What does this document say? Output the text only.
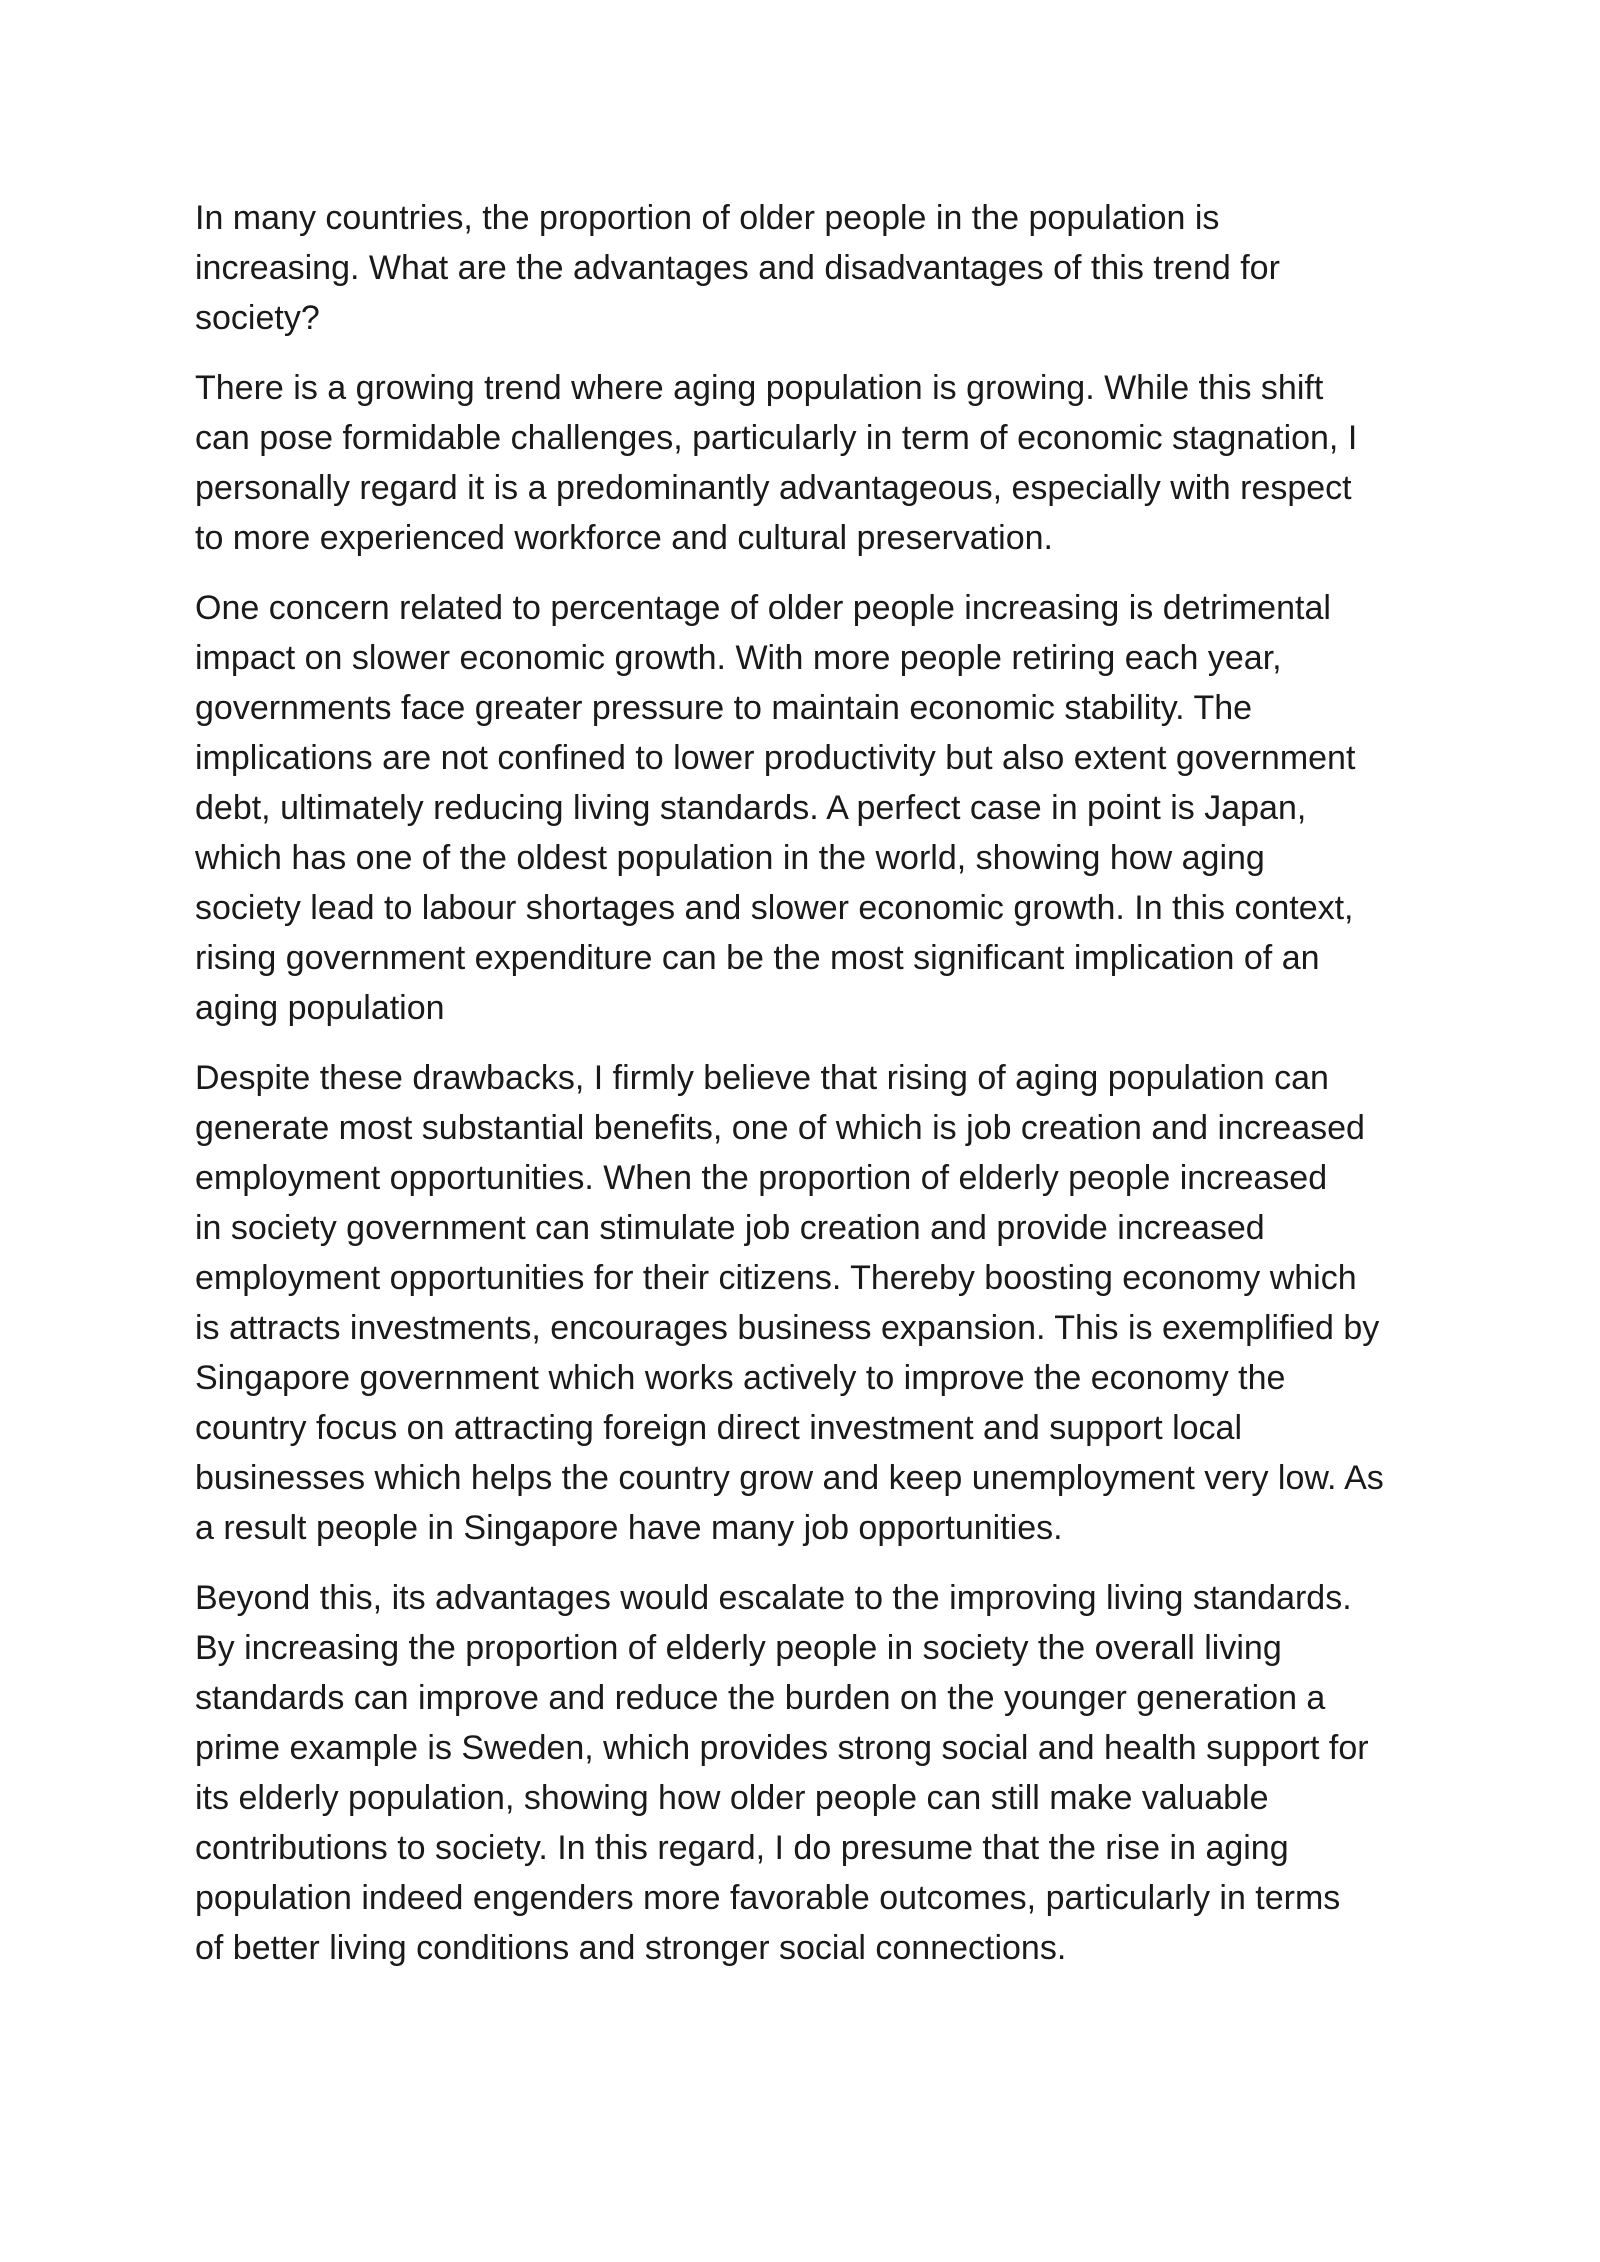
In many countries, the proportion of older people in the population is
increasing. What are the advantages and disadvantages of this trend for
society?

There is a growing trend where aging population is growing. While this shift
can pose formidable challenges, particularly in term of economic stagnation, I
personally regard it is a predominantly advantageous, especially with respect
to more experienced workforce and cultural preservation.

One concern related to percentage of older people increasing is detrimental
impact on slower economic growth. With more people retiring each year,
governments face greater pressure to maintain economic stability. The
implications are not confined to lower productivity but also extent government
debt, ultimately reducing living standards. A perfect case in point is Japan,
which has one of the oldest population in the world, showing how aging
society lead to labour shortages and slower economic growth. In this context,
rising government expenditure can be the most significant implication of an
aging population

Despite these drawbacks, I firmly believe that rising of aging population can
generate most substantial benefits, one of which is job creation and increased
employment opportunities. When the proportion of elderly people increased
in society government can stimulate job creation and provide increased
employment opportunities for their citizens. Thereby boosting economy which
is attracts investments, encourages business expansion. This is exemplified by
Singapore government which works actively to improve the economy the
country focus on attracting foreign direct investment and support local
businesses which helps the country grow and keep unemployment very low. As
a result people in Singapore have many job opportunities.

Beyond this, its advantages would escalate to the improving living standards.
By increasing the proportion of elderly people in society the overall living
standards can improve and reduce the burden on the younger generation a
prime example is Sweden, which provides strong social and health support for
its elderly population, showing how older people can still make valuable
contributions to society. In this regard, I do presume that the rise in aging
population indeed engenders more favorable outcomes, particularly in terms
of better living conditions and stronger social connections.
